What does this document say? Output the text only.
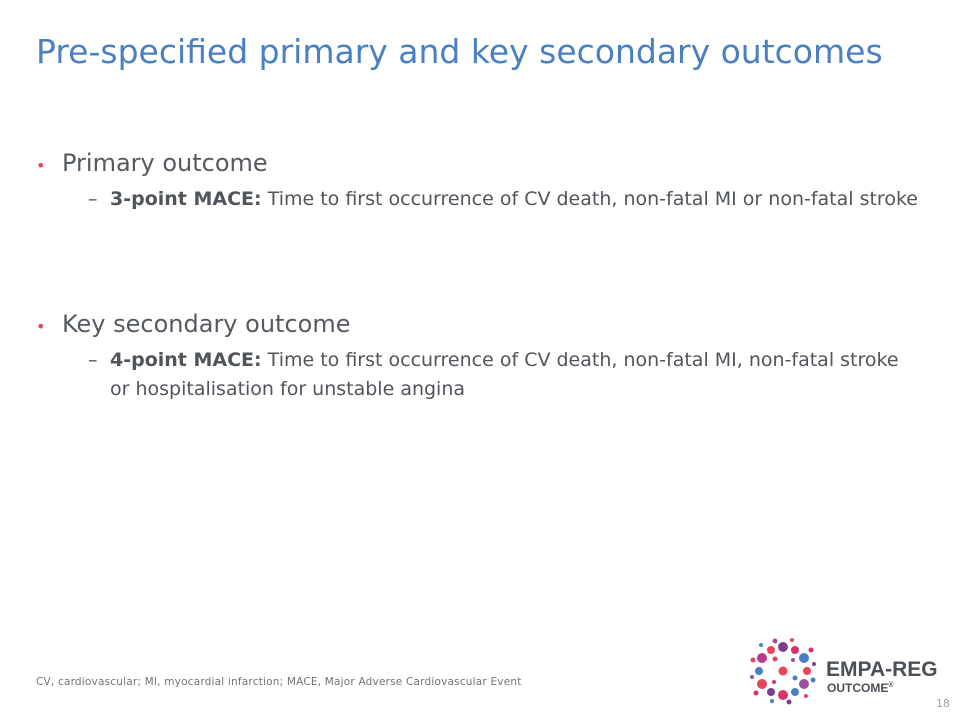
Pre-specified primary and key secondary outcomes
• Primary outcome
– 3-point MACE: Time to first occurrence of CV death, non-fatal MI or non-fatal stroke
• Key secondary outcome
– 4-point MACE: Time to first occurrence of CV death, non-fatal MI, non-fatal stroke or hospitalisation for unstable angina
CV, cardiovascular; MI, myocardial infarction; MACE, Major Adverse Cardiovascular Event
EMPA-REG
OUTCOME®
18
